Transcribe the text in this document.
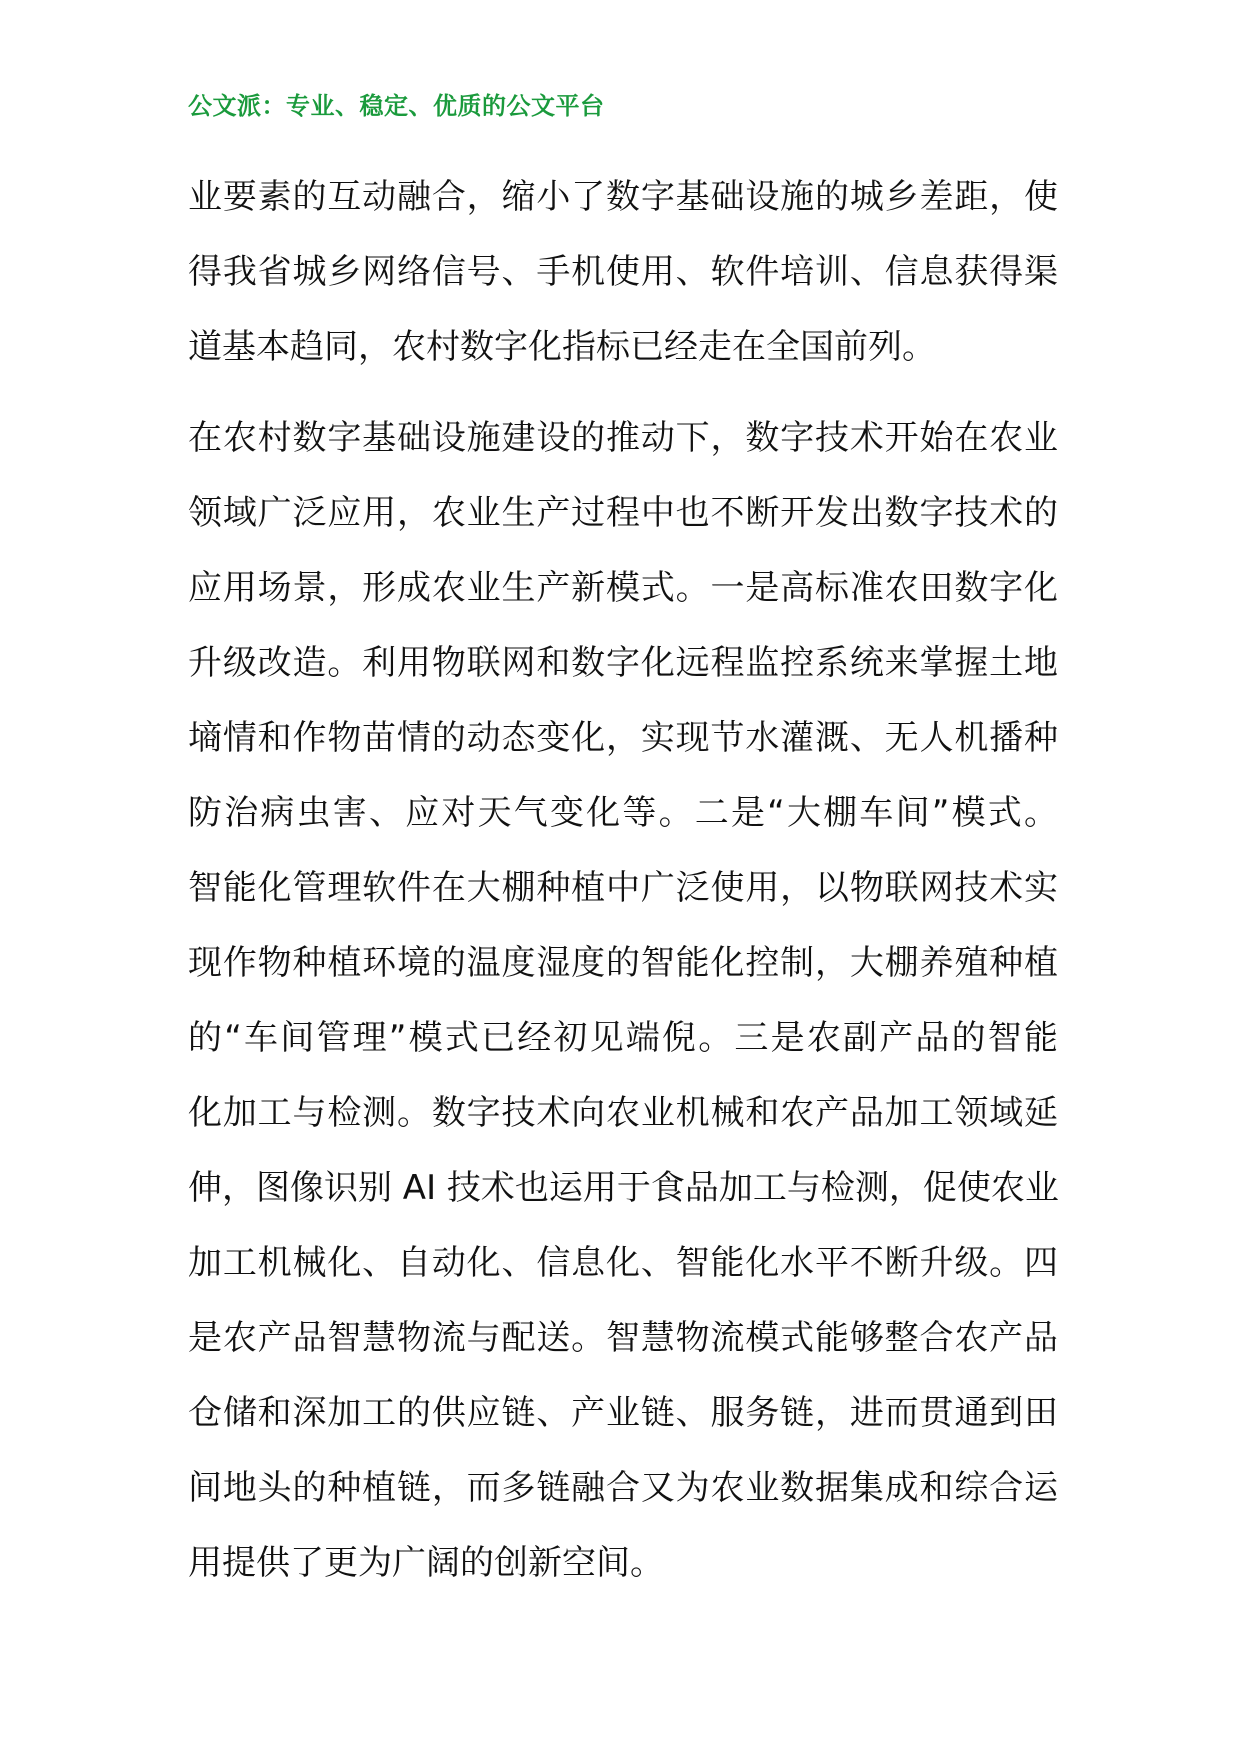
公文派：专业、稳定、优质的公文平台
业要素的互动融合，缩小了数字基础设施的城乡差距，使
得我省城乡网络信号、手机使用、软件培训、信息获得渠
道基本趋同，农村数字化指标已经走在全国前列。
在农村数字基础设施建设的推动下，数字技术开始在农业
领域广泛应用，农业生产过程中也不断开发出数字技术的
应用场景，形成农业生产新模式。一是高标准农田数字化
升级改造。利用物联网和数字化远程监控系统来掌握土地
墒情和作物苗情的动态变化，实现节水灌溉、无人机播种
防治病虫害、应对天气变化等。二是“大棚车间”模式。
智能化管理软件在大棚种植中广泛使用，以物联网技术实
现作物种植环境的温度湿度的智能化控制，大棚养殖种植
的“车间管理”模式已经初见端倪。三是农副产品的智能
化加工与检测。数字技术向农业机械和农产品加工领域延
伸，图像识别 AI 技术也运用于食品加工与检测，促使农业
加工机械化、自动化、信息化、智能化水平不断升级。四
是农产品智慧物流与配送。智慧物流模式能够整合农产品
仓储和深加工的供应链、产业链、服务链，进而贯通到田
间地头的种植链，而多链融合又为农业数据集成和综合运
用提供了更为广阔的创新空间。
